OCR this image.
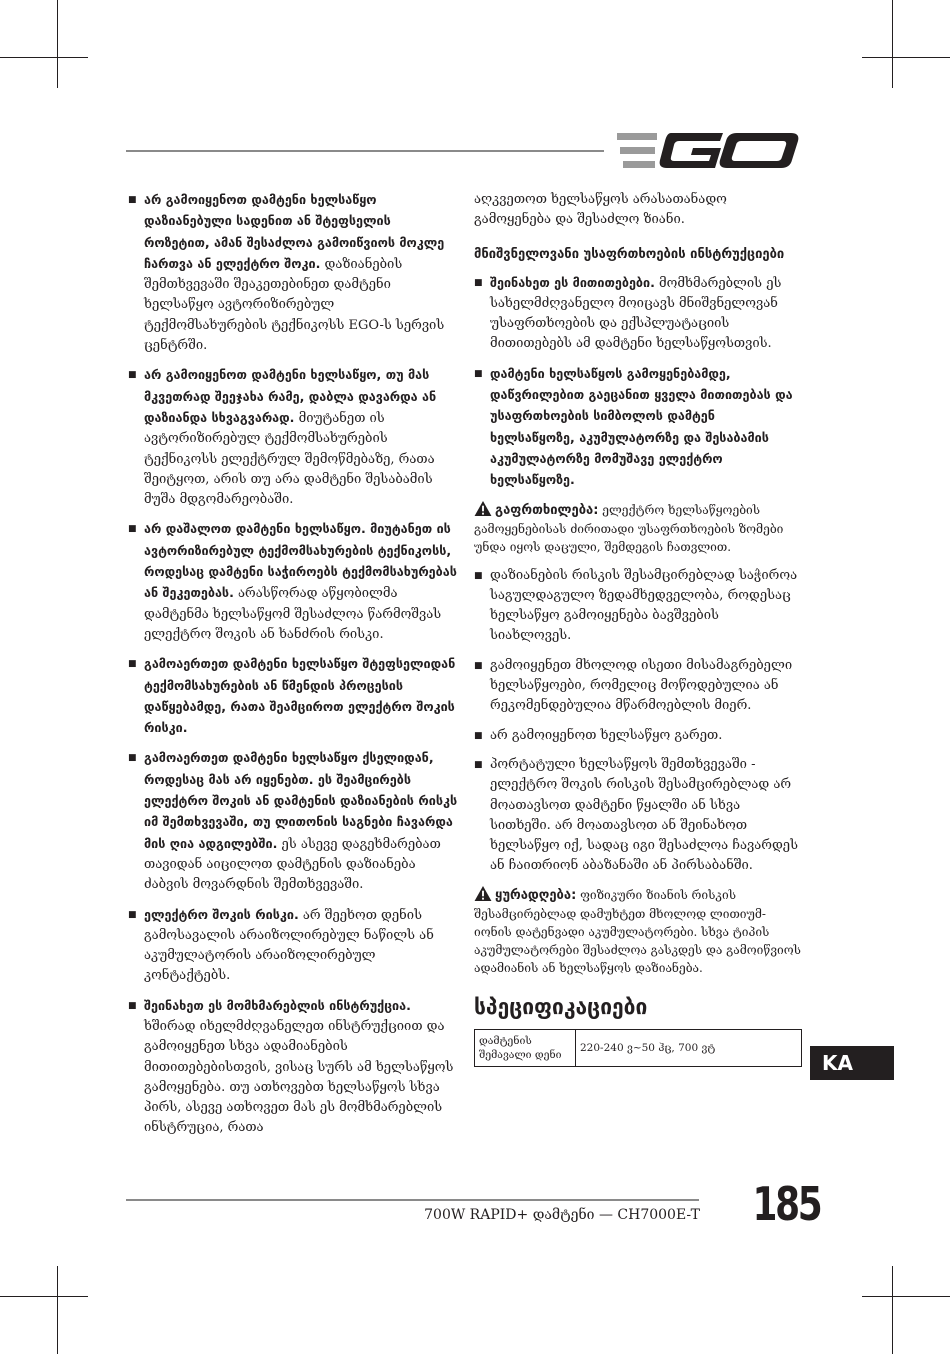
■ არ გამოიყენოთ დამტენი ხელსაწყო დაზიანებული სადენით ან შტეფსელის როზეტით, ამან შესაძლოა გამოიწვიოს მოკლე ჩართვა ან ელექტრო შოკი. დაზიანების შემთხვევაში შეაკეთებინეთ დამტენი ხელსაწყო ავტორიზირებულ ტექმომსახურების ტექნიკოსს EGO-ს სერვის ცენტრში.

■ არ გამოიყენოთ დამტენი ხელსაწყო, თუ მას მკვეთრად შეეჯახა რამე, დაბლა დავარდა ან დაზიანდა სხვაგვარად. მიუტანეთ ის ავტორიზირებულ ტექმომსახურების ტექნიკოსს ელექტრულ შემოწმებაზე, რათა შეიტყოთ, არის თუ არა დამტენი შესაბამის მუშა მდგომარეობაში.

■ არ დაშალოთ დამტენი ხელსაწყო. მიუტანეთ ის ავტორიზირებულ ტექმომსახურების ტექნიკოსს, როდესაც დამტენი საჭიროებს ტექმომსახურებას ან შეკეთებას. არასწორად აწყობილმა დამტენმა ხელსაწყომ შესაძლოა წარმოშვას ელექტრო შოკის ან ხანძრის რისკი.

■ გამოაერთეთ დამტენი ხელსაწყო შტეფსელიდან ტექმომსახურების ან წმენდის პროცესის დაწყებამდე, რათა შეამციროთ ელექტრო შოკის რისკი.

■ გამოაერთეთ დამტენი ხელსაწყო ქსელიდან, როდესაც მას არ იყენებთ. ეს შეამცირებს ელექტრო შოკის ან დამტენის დაზიანების რისკს იმ შემთხვევაში, თუ ლითონის საგნები ჩავარდა მის ღია ადგილებში. ეს ასევე დაგეხმარებათ თავიდან აიცილოთ დამტენის დაზიანება ძაბვის მოვარდნის შემთხვევაში.

■ ელექტრო შოკის რისკი. არ შეეხოთ დენის გამოსავალის არაიზოლირებულ ნაწილს ან აკუმულატორის არაიზოლირებულ კონტაქტებს.

■ შეინახეთ ეს მომხმარებლის ინსტრუქცია. ხშირად იხელმძღვანელეთ ინსტრუქციით და გამოიყენეთ სხვა ადამიანების მითითებებისთვის, ვისაც სურს ამ ხელსაწყოს გამოყენება. თუ ათხოვებთ ხელსაწყოს სხვა პირს, ასევე ათხოვეთ მას ეს მომხმარებლის ინსტრუცია, რათა

აღკვეთოთ ხელსაწყოს არასათანადო გამოყენება და შესაძლო ზიანი.

მნიშვნელოვანი უსაფრთხოების ინსტრუქციები

■ შეინახეთ ეს მითითებები. მომხმარებლის ეს სახელმძღვანელო მოიცავს მნიშვნელოვან უსაფრთხოების და ექსპლუატაციის მითითებებს ამ დამტენი ხელსაწყოსთვის.

■ დამტენი ხელსაწყოს გამოყენებამდე, დაწვრილებით გაეცანით ყველა მითითებას და უსაფრთხოების სიმბოლოს დამტენ ხელსაწყოზე, აკუმულატორზე და შესაბამის აკუმულატორზე მომუშავე ელექტრო ხელსაწყოზე.

გაფრთხილება: ელექტრო ხელსაწყოების გამოყენებისას ძირითადი უსაფრთხოების ზომები უნდა იყოს დაცული, შემდეგის ჩათვლით.

■ დაზიანების რისკის შესამცირებლად საჭიროა საგულდაგულო ზედამხედველობა, როდესაც ხელსაწყო გამოიყენება ბავშვების სიახლოვეს.

■ გამოიყენეთ მხოლოდ ისეთი მისამაგრებელი ხელსაწყოები, რომელიც მოწოდებულია ან რეკომენდებულია მწარმოებლის მიერ.

■ არ გამოიყენოთ ხელსაწყო გარეთ.

■ პორტატული ხელსაწყოს შემთხვევაში - ელექტრო შოკის რისკის შესამცირებლად არ მოათავსოთ დამტენი წყალში ან სხვა სითხეში. არ მოათავსოთ ან შეინახოთ ხელსაწყო იქ, სადაც იგი შესაძლოა ჩავარდეს ან ჩაითრიონ აბაზანაში ან პირსაბანში.

ყურადღება: ფიზიკური ზიანის რისკის შესამცირებლად დამუხტეთ მხოლოდ ლითიუმ-იონის დატენვადი აკუმულატორები. სხვა ტიპის აკუმულატორები შესაძლოა გასკდეს და გამოიწვიოს ადამიანის ან ხელსაწყოს დაზიანება.

სპეციფიკაციები
დამტენის შემავალი დენი	220-240 ვ~50 ჰც, 700 ვტ
KA
700W RAPID+ დამტენი — CH7000E-T 185
